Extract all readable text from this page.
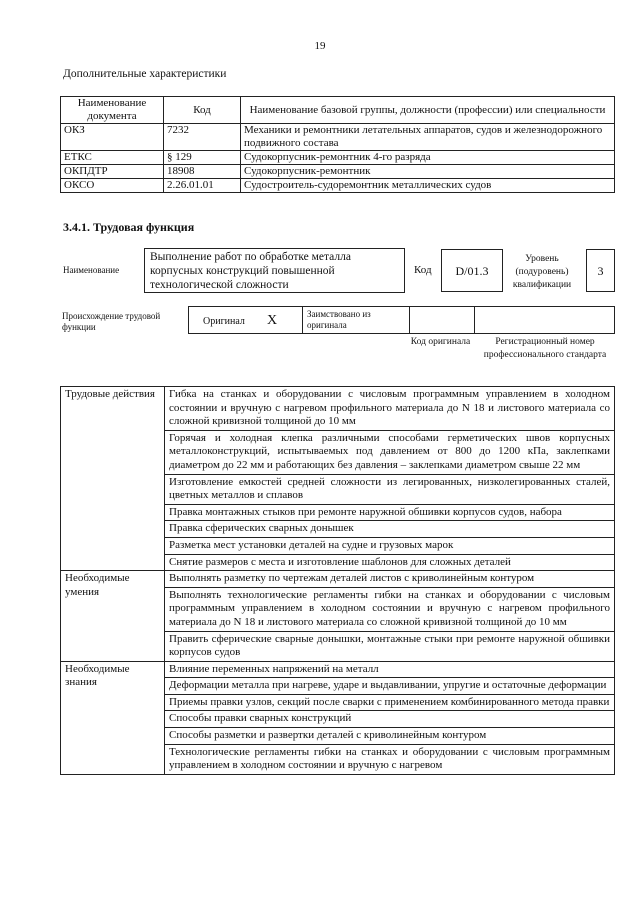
19
Дополнительные характеристики
Наименование документа	Код	Наименование базовой группы, должности (профессии) или специальности
ОКЗ	7232	Механики и ремонтники летательных аппаратов, судов и железнодорожного подвижного состава
ЕТКС	§ 129	Судокорпусник-ремонтник 4-го разряда
ОКПДТР	18908	Судокорпусник-ремонтник
ОКСО	2.26.01.01	Судостроитель-судоремонтник металлических судов
3.4.1. Трудовая функция
Наименование
Выполнение работ по обработке металла корпусных конструкций повышенной технологической сложности
Код	D/01.3
Уровень (подуровень) квалификации
3
Происхождение трудовой функции	Оригинал X	Заимствовано из оригинала
Код оригинала	Регистрационный номер профессионального стандарта
Трудовые действия	Гибка на станках и оборудовании с числовым программным управлением в холодном состоянии и вручную с нагревом профильного материала до N 18 и листового материала со сложной кривизной толщиной до 10 мм
	Горячая и холодная клепка различными способами герметических швов корпусных металлоконструкций, испытываемых под давлением от 800 до 1200 кПа, заклепками диаметром до 22 мм и работающих без давления – заклепками диаметром свыше 22 мм
	Изготовление емкостей средней сложности из легированных, низколегированных сталей, цветных металлов и сплавов
	Правка монтажных стыков при ремонте наружной обшивки корпусов судов, набора
	Правка сферических сварных донышек
	Разметка мест установки деталей на судне и грузовых марок
	Снятие размеров с места и изготовление шаблонов для сложных деталей
Необходимые умения	Выполнять разметку по чертежам деталей листов с криволинейным контуром
	Выполнять технологические регламенты гибки на станках и оборудовании с числовым программным управлением в холодном состоянии и вручную с нагревом профильного материала до N 18 и листового материала со сложной кривизной толщиной до 10 мм
	Править сферические сварные донышки, монтажные стыки при ремонте наружной обшивки корпусов судов
Необходимые знания	Влияние переменных напряжений на металл
	Деформации металла при нагреве, ударе и выдавливании, упругие и остаточные деформации
	Приемы правки узлов, секций после сварки с применением комбинированного метода правки
	Способы правки сварных конструкций
	Способы разметки и развертки деталей с криволинейным контуром
	Технологические регламенты гибки на станках и оборудовании с числовым программным управлением в холодном состоянии и вручную с нагревом
